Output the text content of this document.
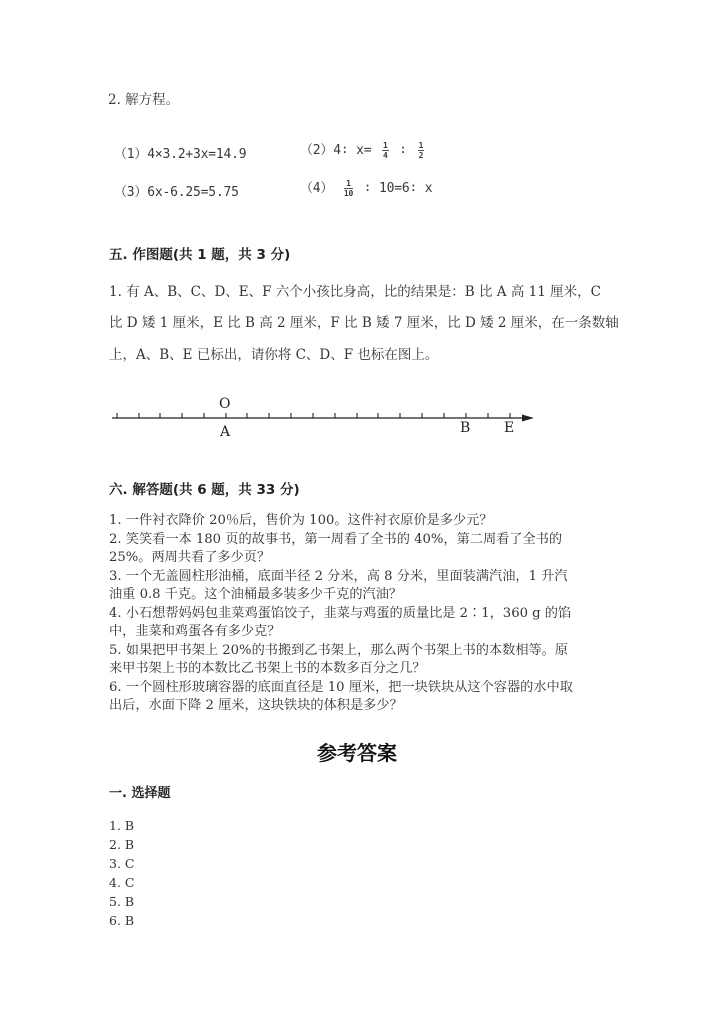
2. 解方程。
（1）4×3.2+3x=14.9	（2）4∶ $x= \frac{1}{4}$ ∶ $\frac{1}{2}$
（3）6x-6.25=5.75	$(4) \frac{1}{10}$ ∶ 10=6∶ x
五. 作图题(共 1 题，共 3 分)
1. 有 A、B、C、D、E、F 六个小孩比身高，比的结果是：B 比 A 高 11 厘米，C
比 D 矮 1 厘米，E 比 B 高 2 厘米，F 比 B 矮 7 厘米，比 D 矮 2 厘米，在一条数轴
上，A、B、E 已标出，请你将 C、D、F 也标在图上。
O
A	B E
六. 解答题(共 6 题，共 33 分)
1. 一件衬衣降价 20％后，售价为 100。这件衬衣原价是多少元？
2. 笑笑看一本 180 页的故事书，第一周看了全书的 40%，第二周看了全书的
25%。两周共看了多少页？
3. 一个无盖圆柱形油桶，底面半径 2 分米，高 8 分米，里面装满汽油，1 升汽
油重 0.8 千克。这个油桶最多装多少千克的汽油？
4. 小石想帮妈妈包韭菜鸡蛋馅饺子，韭菜与鸡蛋的质量比是 2∶1，360 g 的馅
中，韭菜和鸡蛋各有多少克？
5. 如果把甲书架上 20%的书搬到乙书架上，那么两个书架上书的本数相等。原
来甲书架上书的本数比乙书架上书的本数多百分之几？
6. 一个圆柱形玻璃容器的底面直径是 10 厘米，把一块铁块从这个容器的水中取
出后，水面下降 2 厘米，这块铁块的体积是多少？
参考答案
一. 选择题
1. B
2. B
3. C
4. C
5. B
6. B
